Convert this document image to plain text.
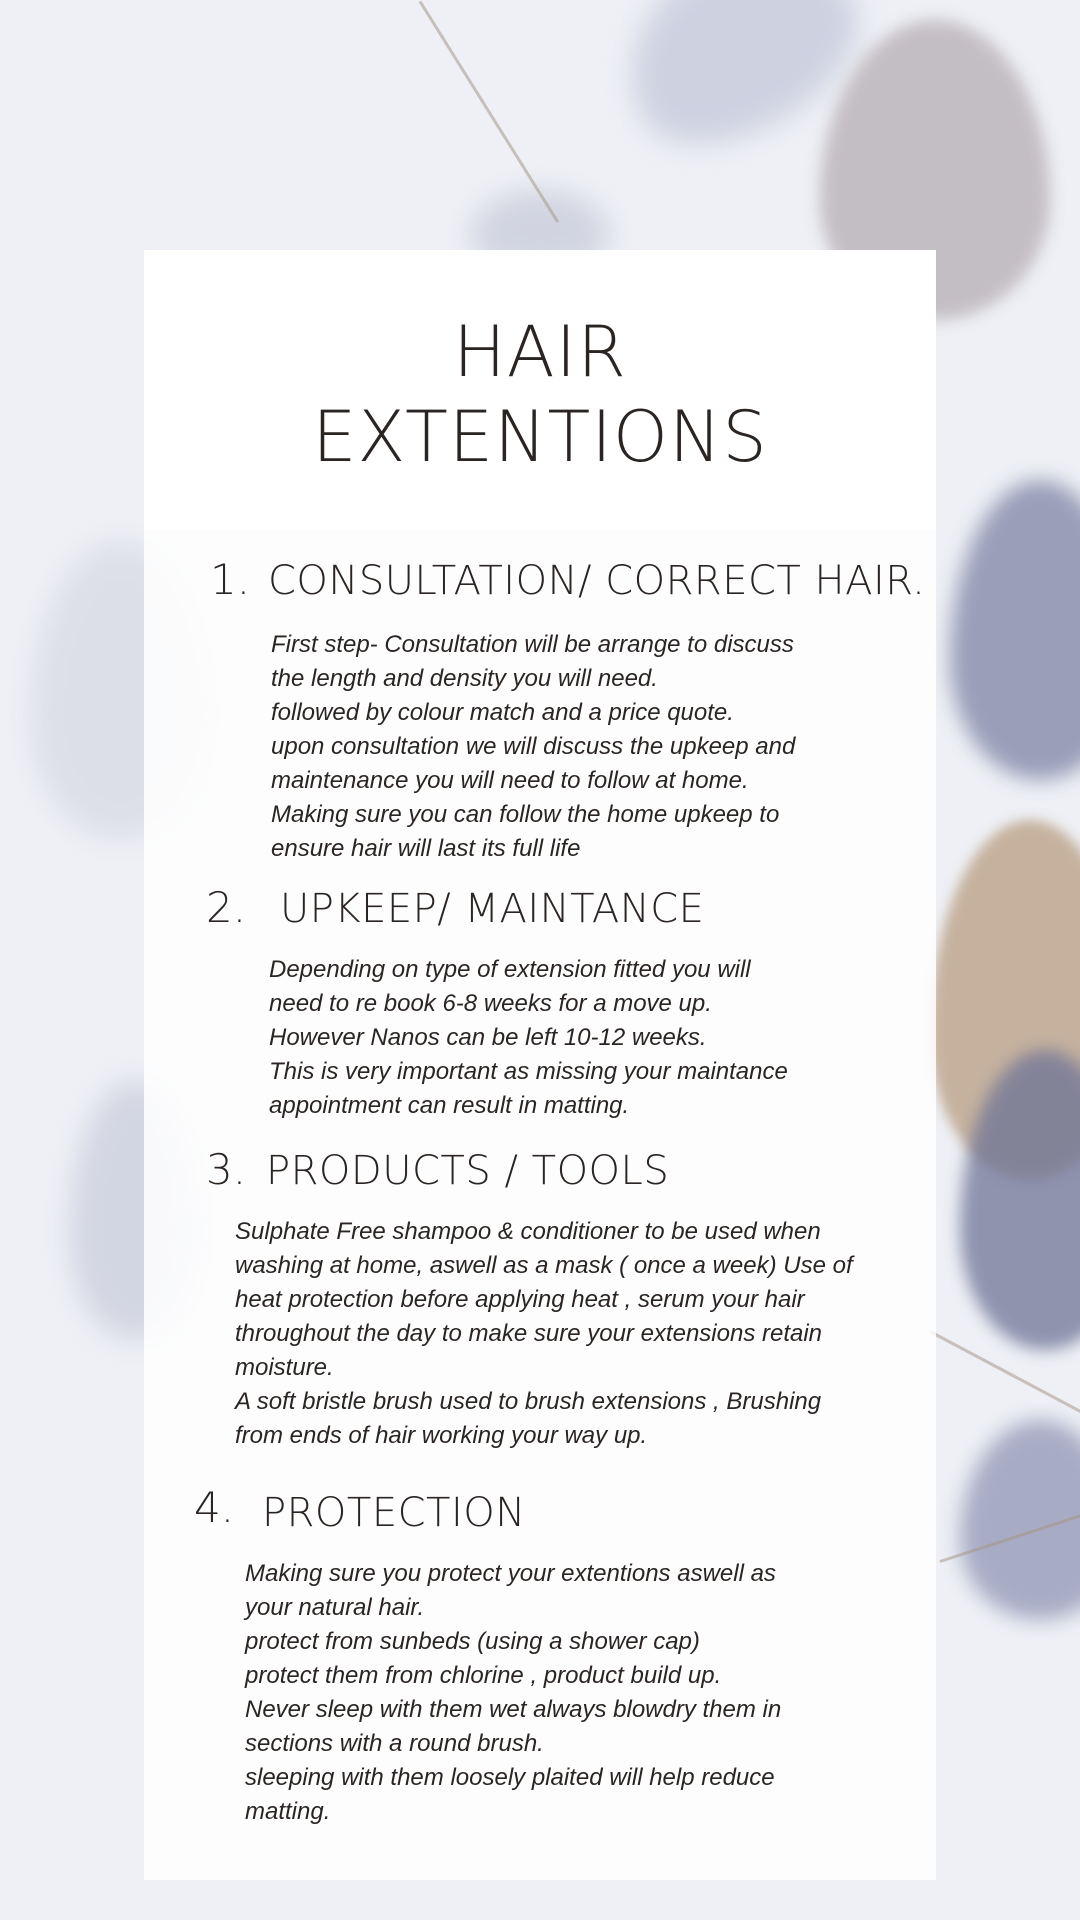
HAIR
EXTENTIONS
1. CONSULTATION/ CORRECT HAIR.
First step- Consultation will be arrange to discuss
the length and density you will need.
followed by colour match and a price quote.
upon consultation we will discuss the upkeep and
maintenance you will need to follow at home.
Making sure you can follow the home upkeep to
ensure hair will last its full life
2. UPKEEP/ MAINTANCE
Depending on type of extension fitted you will
need to re book 6-8 weeks for a move up.
However Nanos can be left 10-12 weeks.
This is very important as missing your maintance
appointment can result in matting.
3. PRODUCTS / TOOLS
Sulphate Free shampoo & conditioner to be used when
washing at home, aswell as a mask ( once a week) Use of
heat protection before applying heat , serum your hair
throughout the day to make sure your extensions retain
moisture.
A soft bristle brush used to brush extensions , Brushing
from ends of hair working your way up.
4. PROTECTION
Making sure you protect your extentions aswell as
your natural hair.
protect from sunbeds (using a shower cap)
protect them from chlorine , product build up.
Never sleep with them wet always blowdry them in
sections with a round brush.
sleeping with them loosely plaited will help reduce
matting.
